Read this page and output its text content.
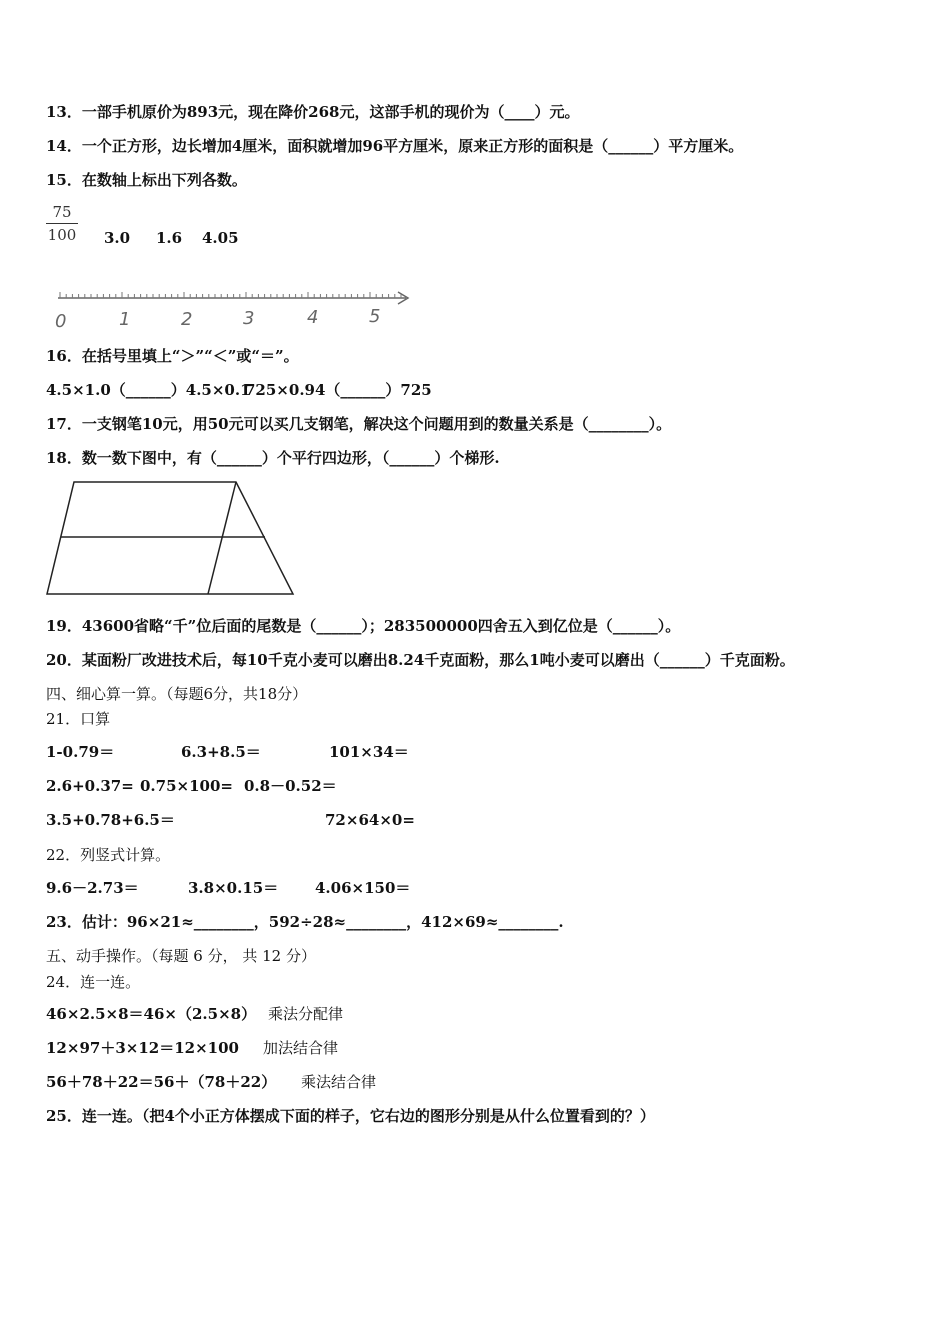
13．一部手机原价为893元，现在降价268元，这部手机的现价为（____）元。
14．一个正方形，边长增加4厘米，面积就增加96平方厘米，原来正方形的面积是（______）平方厘米。
15．在数轴上标出下列各数。
$\frac{75}{100} 3.0$ 1.6 4.05
0	1	2	3	4	5
16．在括号里填上“＞”“＜”或“＝”。
4.5×1.0（______）4.5×0.1
725×0.94（______）725
17．一支钢笔10元，用50元可以买几支钢笔，解决这个问题用到的数量关系是（________）。
18．数一数下图中，有（______）个平行四边形，（______）个梯形.
19．43600省略“千”位后面的尾数是（______）；283500000四舍五入到亿位是（______）。
20．某面粉厂改进技术后，每10千克小麦可以磨出8.24千克面粉，那么1吨小麦可以磨出（______）千克面粉。
四、细心算一算。（每题6分，共18分）
21．口算
1-0.79＝	6.3+8.5＝	101×34＝
2.6+0.37= 0.75×100= 0.8－0.52＝
3.5+0.78+6.5＝	72×64×0=
22．列竖式计算。
9.6－2.73＝	3.8×0.15＝ 4.06×150＝
23．估计：96×21≈________，592÷28≈________，412×69≈________.
五、动手操作。（每题 6 分， 共 12 分）
24．连一连。
46×2.5×8＝46×（2.5×8） 乘法分配律
12×97＋3×12＝12×100 加法结合律
56＋78＋22＝56＋（78＋22） 乘法结合律
25．连一连。（把4个小正方体摆成下面的样子，它右边的图形分别是从什么位置看到的？）
